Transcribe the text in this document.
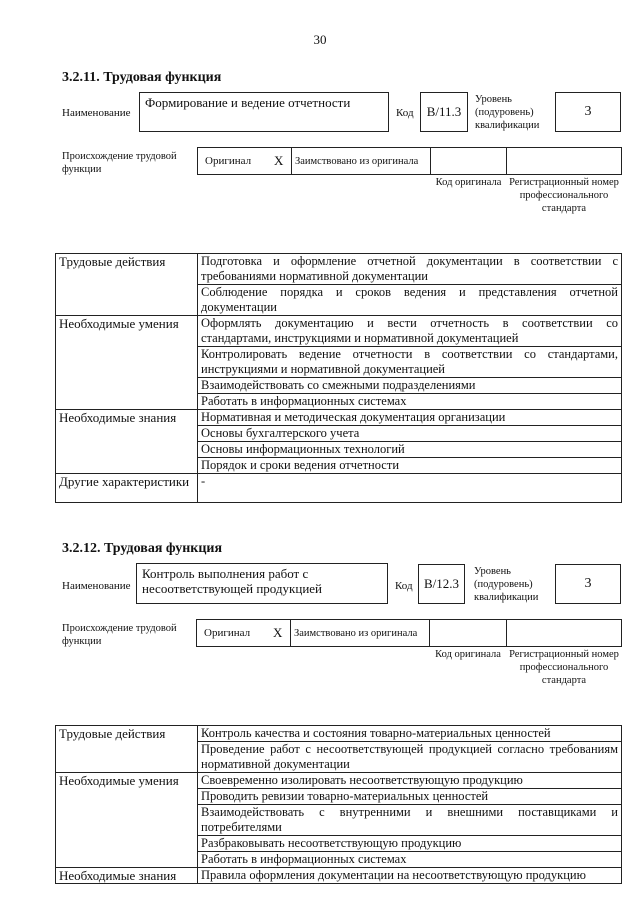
30
3.2.11. Трудовая функция
Наименование
Формирование и ведение отчетности
Код	B/11.3
Уровень (подуровень) квалификации
3
Происхождение трудовой функции
Оригинал X Заимствовано из оригинала
Код оригинала Регистрационный номер профессионального стандарта
Трудовые действия	Подготовка и оформление отчетной документации в соответствии с требованиями нормативной документации
	Соблюдение порядка и сроков ведения и представления отчетной документации
Необходимые умения	Оформлять документацию и вести отчетность в соответствии со стандартами, инструкциями и нормативной документацией
	Контролировать ведение отчетности в соответствии со стандартами, инструкциями и нормативной документацией
	Взаимодействовать со смежными подразделениями
	Работать в информационных системах
Необходимые знания	Нормативная и методическая документация организации
	Основы бухгалтерского учета
	Основы информационных технологий
	Порядок и сроки ведения отчетности
Другие характеристики	-
3.2.12. Трудовая функция
Наименование
Контроль выполнения работ с несоответствующей продукцией	Код B/12.3
Уровень (подуровень) квалификации
3
Происхождение трудовой функции
Оригинал X Заимствовано из оригинала
Код оригинала Регистрационный номер профессионального стандарта
Трудовые действия	Контроль качества и состояния товарно-материальных ценностей
	Проведение работ с несоответствующей продукцией согласно требованиям нормативной документации
Необходимые умения	Своевременно изолировать несоответствующую продукцию
	Проводить ревизии товарно-материальных ценностей
	Взаимодействовать с внутренними и внешними поставщиками и потребителями
	Разбраковывать несоответствующую продукцию
	Работать в информационных системах
Необходимые знания	Правила оформления документации на несоответствующую продукцию
